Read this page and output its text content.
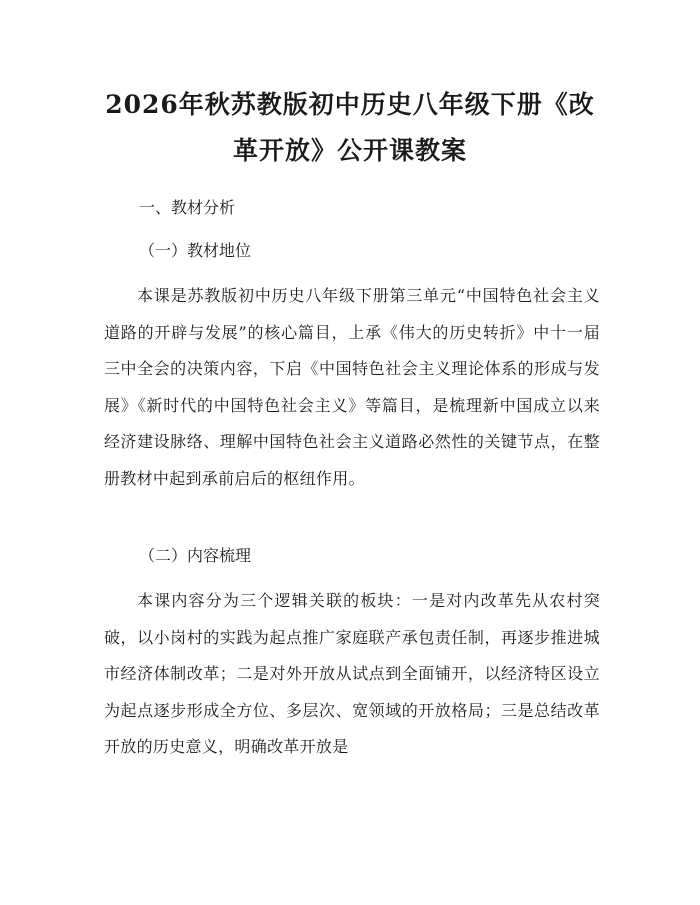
2026年秋苏教版初中历史八年级下册《改革开放》公开课教案
一、教材分析
（一）教材地位

本课是苏教版初中历史八年级下册第三单元“中国特色社会主义道路的开辟与发展”的核心篇目，上承《伟大的历史转折》中十一届三中全会的决策内容，下启《中国特色社会主义理论体系的形成与发展》《新时代的中国特色社会主义》等篇目，是梳理新中国成立以来经济建设脉络、理解中国特色社会主义道路必然性的关键节点，在整册教材中起到承前启后的枢纽作用。

（二）内容梳理

本课内容分为三个逻辑关联的板块：一是对内改革先从农村突破，以小岗村的实践为起点推广家庭联产承包责任制，再逐步推进城市经济体制改革；二是对外开放从试点到全面铺开，以经济特区设立为起点逐步形成全方位、多层次、宽领域的开放格局；三是总结改革开放的历史意义，明确改革开放是
